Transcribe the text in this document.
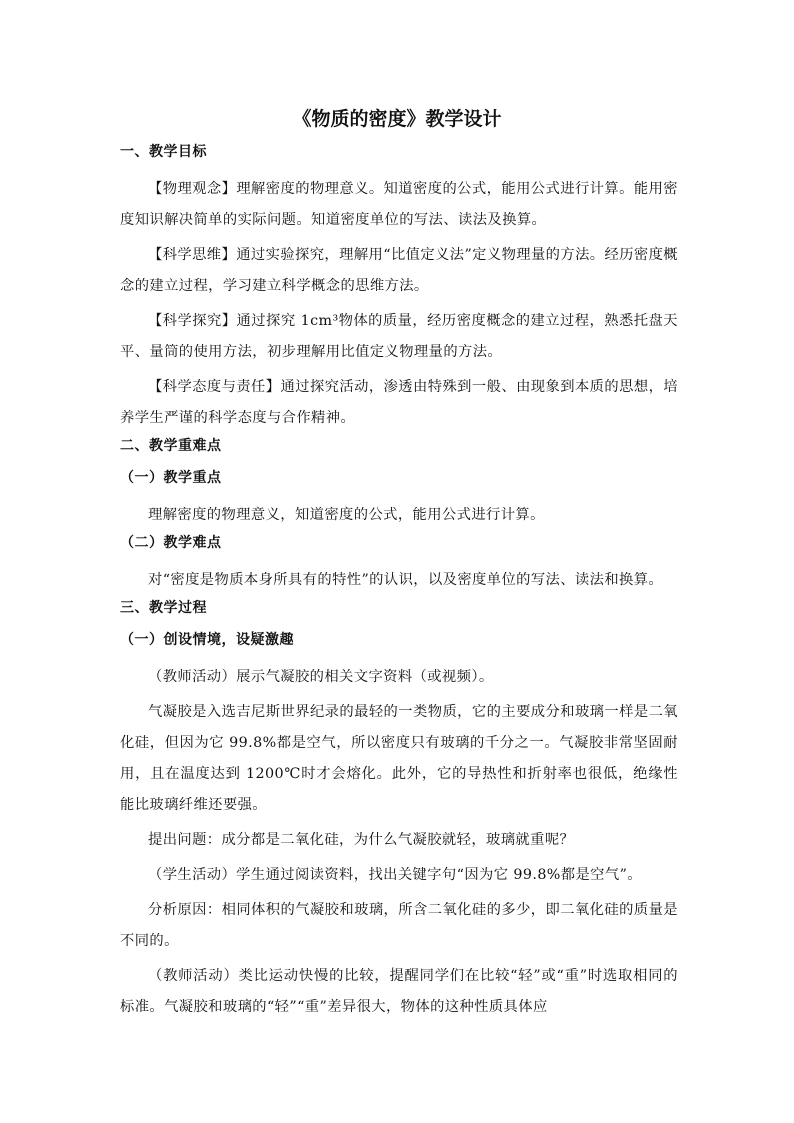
《物质的密度》教学设计
一、教学目标

【物理观念】理解密度的物理意义。知道密度的公式，能用公式进行计算。能用密度知识解决简单的实际问题。知道密度单位的写法、读法及换算。

【科学思维】通过实验探究，理解用“比值定义法”定义物理量的方法。经历密度概念的建立过程，学习建立科学概念的思维方法。

【科学探究】通过探究 1cm³物体的质量，经历密度概念的建立过程，熟悉托盘天平、量筒的使用方法，初步理解用比值定义物理量的方法。

【科学态度与责任】通过探究活动，渗透由特殊到一般、由现象到本质的思想，培养学生严谨的科学态度与合作精神。

二、教学重难点
（一）教学重点

理解密度的物理意义，知道密度的公式，能用公式进行计算。

（二）教学难点

对“密度是物质本身所具有的特性”的认识，以及密度单位的写法、读法和换算。

三、教学过程
（一）创设情境，设疑激趣

（教师活动）展示气凝胶的相关文字资料（或视频）。

气凝胶是入选吉尼斯世界纪录的最轻的一类物质，它的主要成分和玻璃一样是二氧化硅，但因为它 99.8%都是空气，所以密度只有玻璃的千分之一。气凝胶非常坚固耐用，且在温度达到 1200℃时才会熔化。此外，它的导热性和折射率也很低，绝缘性能比玻璃纤维还要强。

提出问题：成分都是二氧化硅，为什么气凝胶就轻，玻璃就重呢？

（学生活动）学生通过阅读资料，找出关键字句“因为它 99.8%都是空气”。

分析原因：相同体积的气凝胶和玻璃，所含二氧化硅的多少，即二氧化硅的质量是不同的。

（教师活动）类比运动快慢的比较，提醒同学们在比较“轻”或“重”时选取相同的标准。气凝胶和玻璃的“轻”“重”差异很大，物体的这种性质具体应
